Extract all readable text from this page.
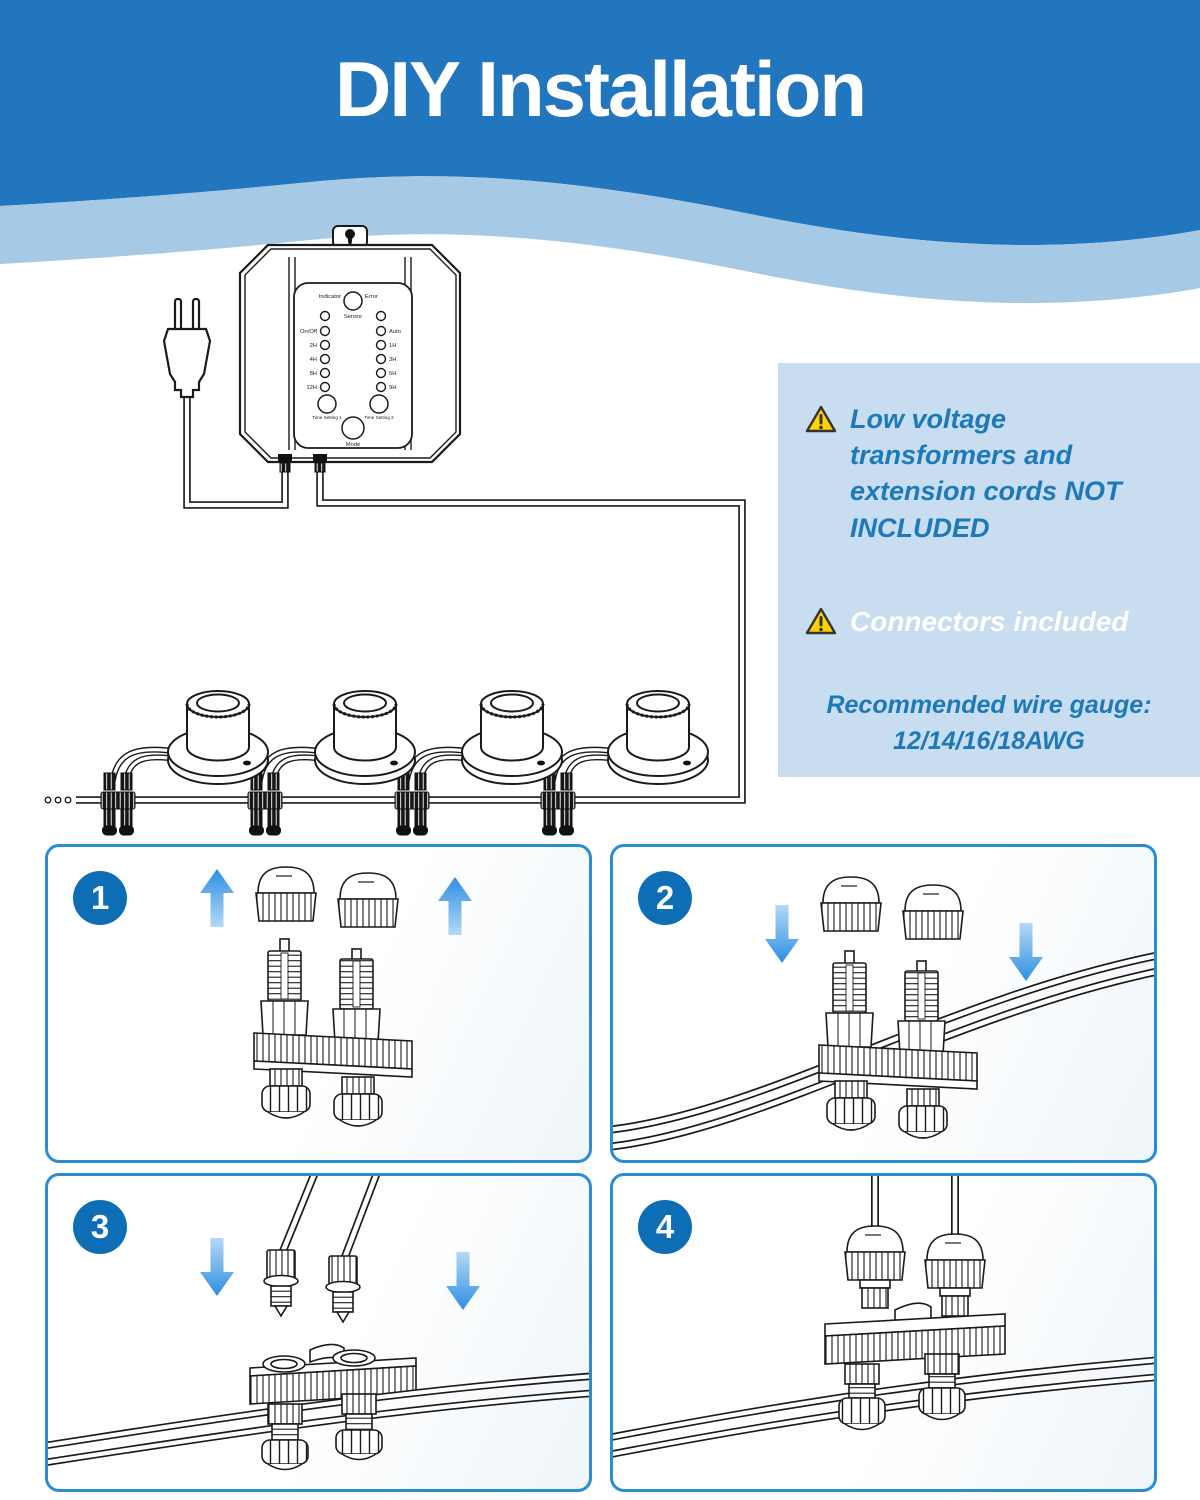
DIY Installation
Indicator	Error
Sensor
On/Off
2H
4H
8H
12H
Auto
1H
3H
5H
9H
Time Setting 1	Time Setting 2
Mode
Low voltage transformers and extension cords NOT INCLUDED
Connectors included
Recommended wire gauge:
12/14/16/18AWG
1	2
3	4
